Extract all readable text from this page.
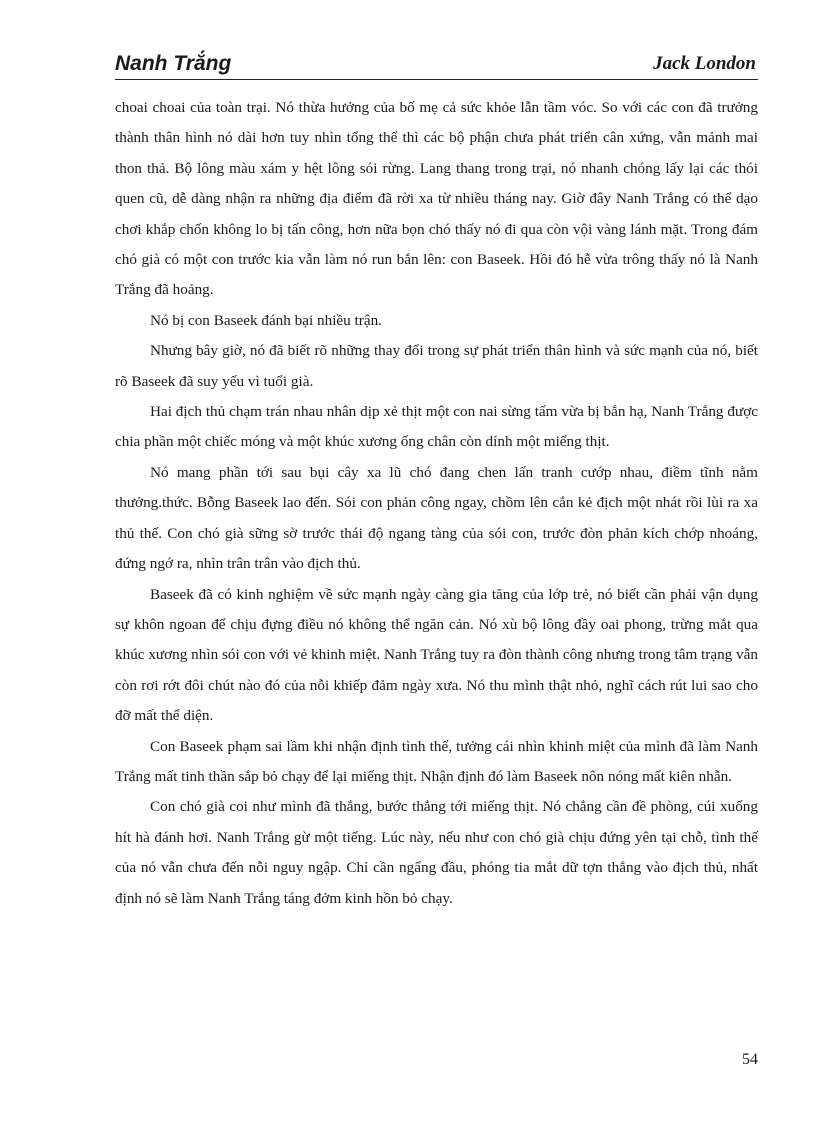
Nanh Trắng	Jack London

choai choai của toàn trại. Nó thừa hưởng của bố mẹ cả sức khỏe lẫn tầm vóc. So với các con đã trưởng thành thân hình nó dài hơn tuy nhìn tổng thể thì các bộ phận chưa phát triển cân xứng, vẫn mảnh mai thon thả. Bộ lông màu xám y hệt lông sói rừng. Lang thang trong trại, nó nhanh chóng lấy lại các thói quen cũ, dễ dàng nhận ra những địa điểm đã rời xa từ nhiều tháng nay. Giờ đây Nanh Trắng có thể dạo chơi khắp chốn không lo bị tấn công, hơn nữa bọn chó thấy nó đi qua còn vội vàng lánh mặt. Trong đám chó già có một con trước kia vẫn làm nó run bắn lên: con Baseek. Hồi đó hễ vừa trông thấy nó là Nanh Trắng đã hoảng.

Nó bị con Baseek đánh bại nhiều trận.

Nhưng bây giờ, nó đã biết rõ những thay đổi trong sự phát triển thân hình và sức mạnh của nó, biết rõ Baseek đã suy yếu vì tuổi già.

Hai địch thủ chạm trán nhau nhân dịp xẻ thịt một con nai sừng tấm vừa bị bắn hạ, Nanh Trắng được chia phần một chiếc móng và một khúc xương ống chân còn dính một miếng thịt.

Nó mang phần tới sau bụi cây xa lũ chó đang chen lấn tranh cướp nhau, điềm tĩnh nằm thưởng.thức. Bỗng Baseek lao đến. Sói con phản công ngay, chồm lên cắn kẻ địch một nhát rồi lùi ra xa thủ thế. Con chó già sững sờ trước thái độ ngang tàng của sói con, trước đòn phản kích chớp nhoáng, đứng ngớ ra, nhìn trân trân vào địch thủ.

Baseek đã có kinh nghiệm về sức mạnh ngày càng gia tăng của lớp trẻ, nó biết cần phải vận dụng sự khôn ngoan để chịu đựng điều nó không thể ngăn cản. Nó xù bộ lông đầy oai phong, trừng mắt qua khúc xương nhìn sói con với vẻ khinh miệt. Nanh Trắng tuy ra đòn thành công nhưng trong tâm trạng vẫn còn rơi rớt đôi chút nào đó của nỗi khiếp đảm ngày xưa. Nó thu mình thật nhỏ, nghĩ cách rút lui sao cho đỡ mất thể diện.

Con Baseek phạm sai lầm khi nhận định tình thế, tưởng cái nhìn khinh miệt của mình đã làm Nanh Trắng mất tinh thần sắp bỏ chạy để lại miếng thịt. Nhận định đó làm Baseek nôn nóng mất kiên nhẫn.

Con chó già coi như mình đã thắng, bước thẳng tới miếng thịt. Nó chẳng cần đề phòng, cúi xuống hít hà đánh hơi. Nanh Trắng gừ một tiếng. Lúc này, nếu như con chó già chịu đứng yên tại chỗ, tình thế của nó vẫn chưa đến nỗi nguy ngập. Chỉ cần ngẩng đầu, phóng tia mắt dữ tợn thẳng vào địch thủ, nhất định nó sẽ làm Nanh Trắng táng đởm kinh hồn bỏ chạy.

54
